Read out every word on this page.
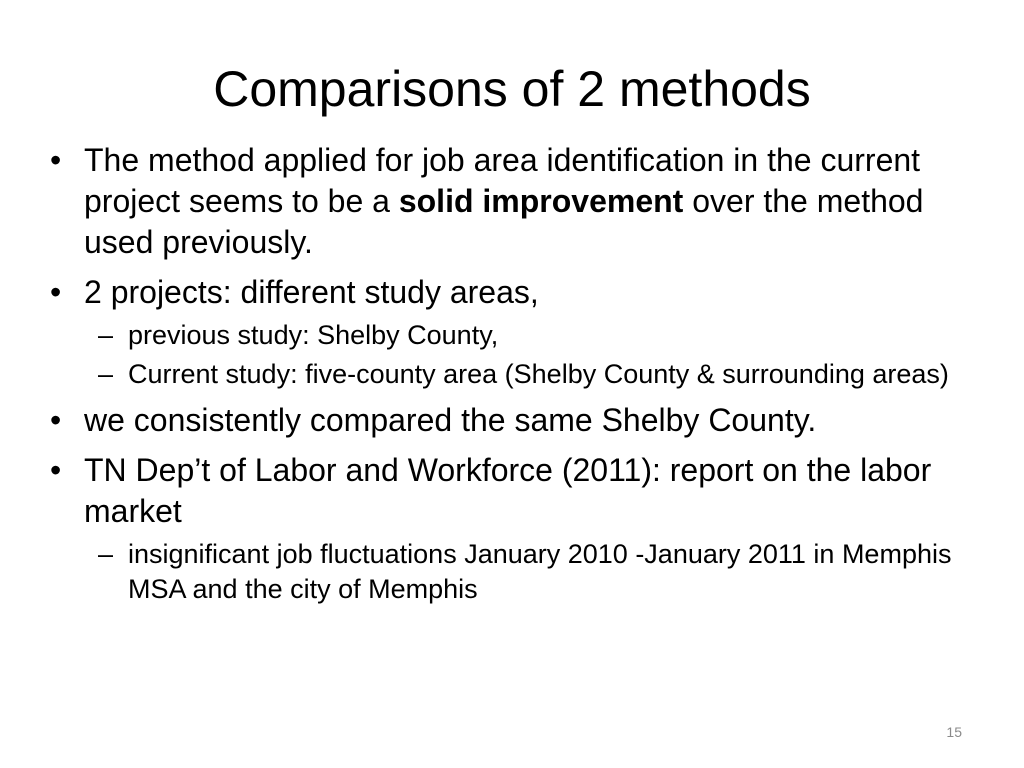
Comparisons of 2 methods
• The method applied for job area identification in the current project seems to be a solid improvement over the method used previously.
• 2 projects: different study areas,
– previous study: Shelby County,
– Current study: five-county area (Shelby County & surrounding areas)
• we consistently compared the same Shelby County.
• TN Dep’t of Labor and Workforce (2011): report on the labor market
– insignificant job fluctuations January 2010 -January 2011 in Memphis MSA and the city of Memphis
15
